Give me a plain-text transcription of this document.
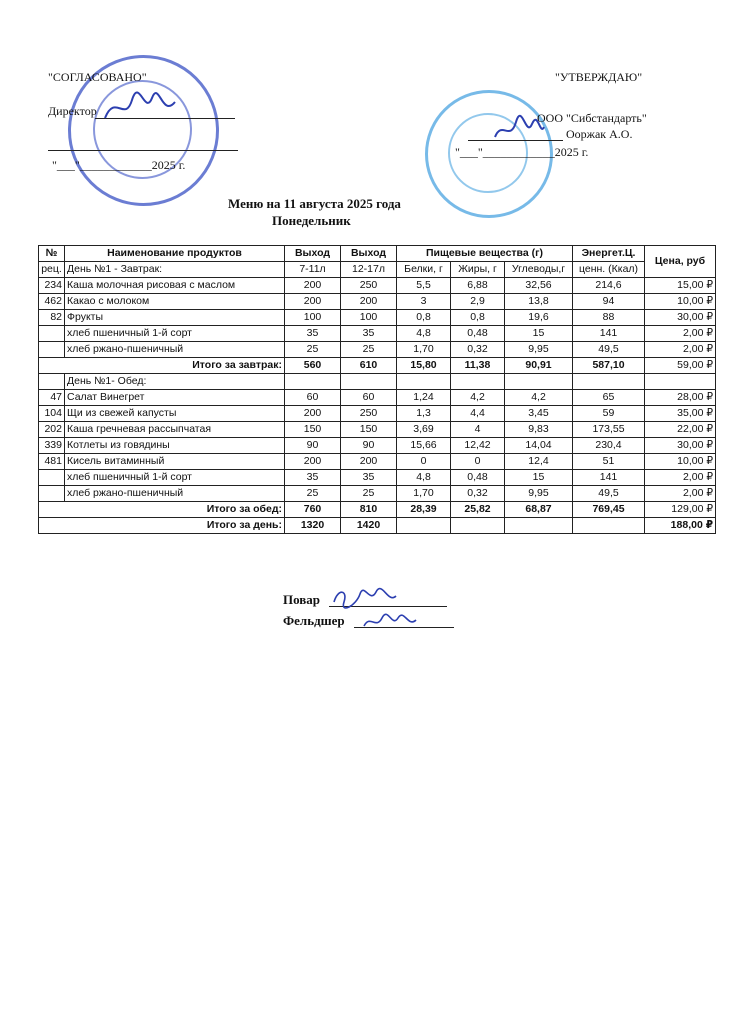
"СОГЛАСОВАНО"
Директор
"___"____________2025 г.
"УТВЕРЖДАЮ"
ООО "Сибстандарть"
Ооржак А.О.
"___"____________2025 г.
Меню на 11 августа 2025 года
Понедельник
№	Наименование продуктов	Выход	Выход	Пищевые вещества (г)			Энергет.Ц.	Цена, руб
рец.	День №1 - Завтрак:	7-11л	12-17л	Белки, г	Жиры, г	Углеводы,г	ценн. (Ккал)	
234	Каша молочная рисовая с маслом	200	250	5,5	6,88	32,56	214,6	15,00 ₽
462	Какао с молоком	200	200	3	2,9	13,8	94	10,00 ₽
82	Фрукты	100	100	0,8	0,8	19,6	88	30,00 ₽
	хлеб пшеничный 1-й сорт	35	35	4,8	0,48	15	141	2,00 ₽
	хлеб ржано-пшеничный	25	25	1,70	0,32	9,95	49,5	2,00 ₽
Итого за завтрак:		560	610	15,80	11,38	90,91	587,10	59,00 ₽
	День №1- Обед:							
47	Салат Винегрет	60	60	1,24	4,2	4,2	65	28,00 ₽
104	Щи из свежей капусты	200	250	1,3	4,4	3,45	59	35,00 ₽
202	Каша гречневая рассыпчатая	150	150	3,69	4	9,83	173,55	22,00 ₽
339	Котлеты из говядины	90	90	15,66	12,42	14,04	230,4	30,00 ₽
481	Кисель витаминный	200	200	0	0	12,4	51	10,00 ₽
	хлеб пшеничный 1-й сорт	35	35	4,8	0,48	15	141	2,00 ₽
	хлеб ржано-пшеничный	25	25	1,70	0,32	9,95	49,5	2,00 ₽
Итого за обед:		760	810	28,39	25,82	68,87	769,45	129,00 ₽
Итого за день:		1320	1420					188,00 ₽
Повар
Фельдшер
